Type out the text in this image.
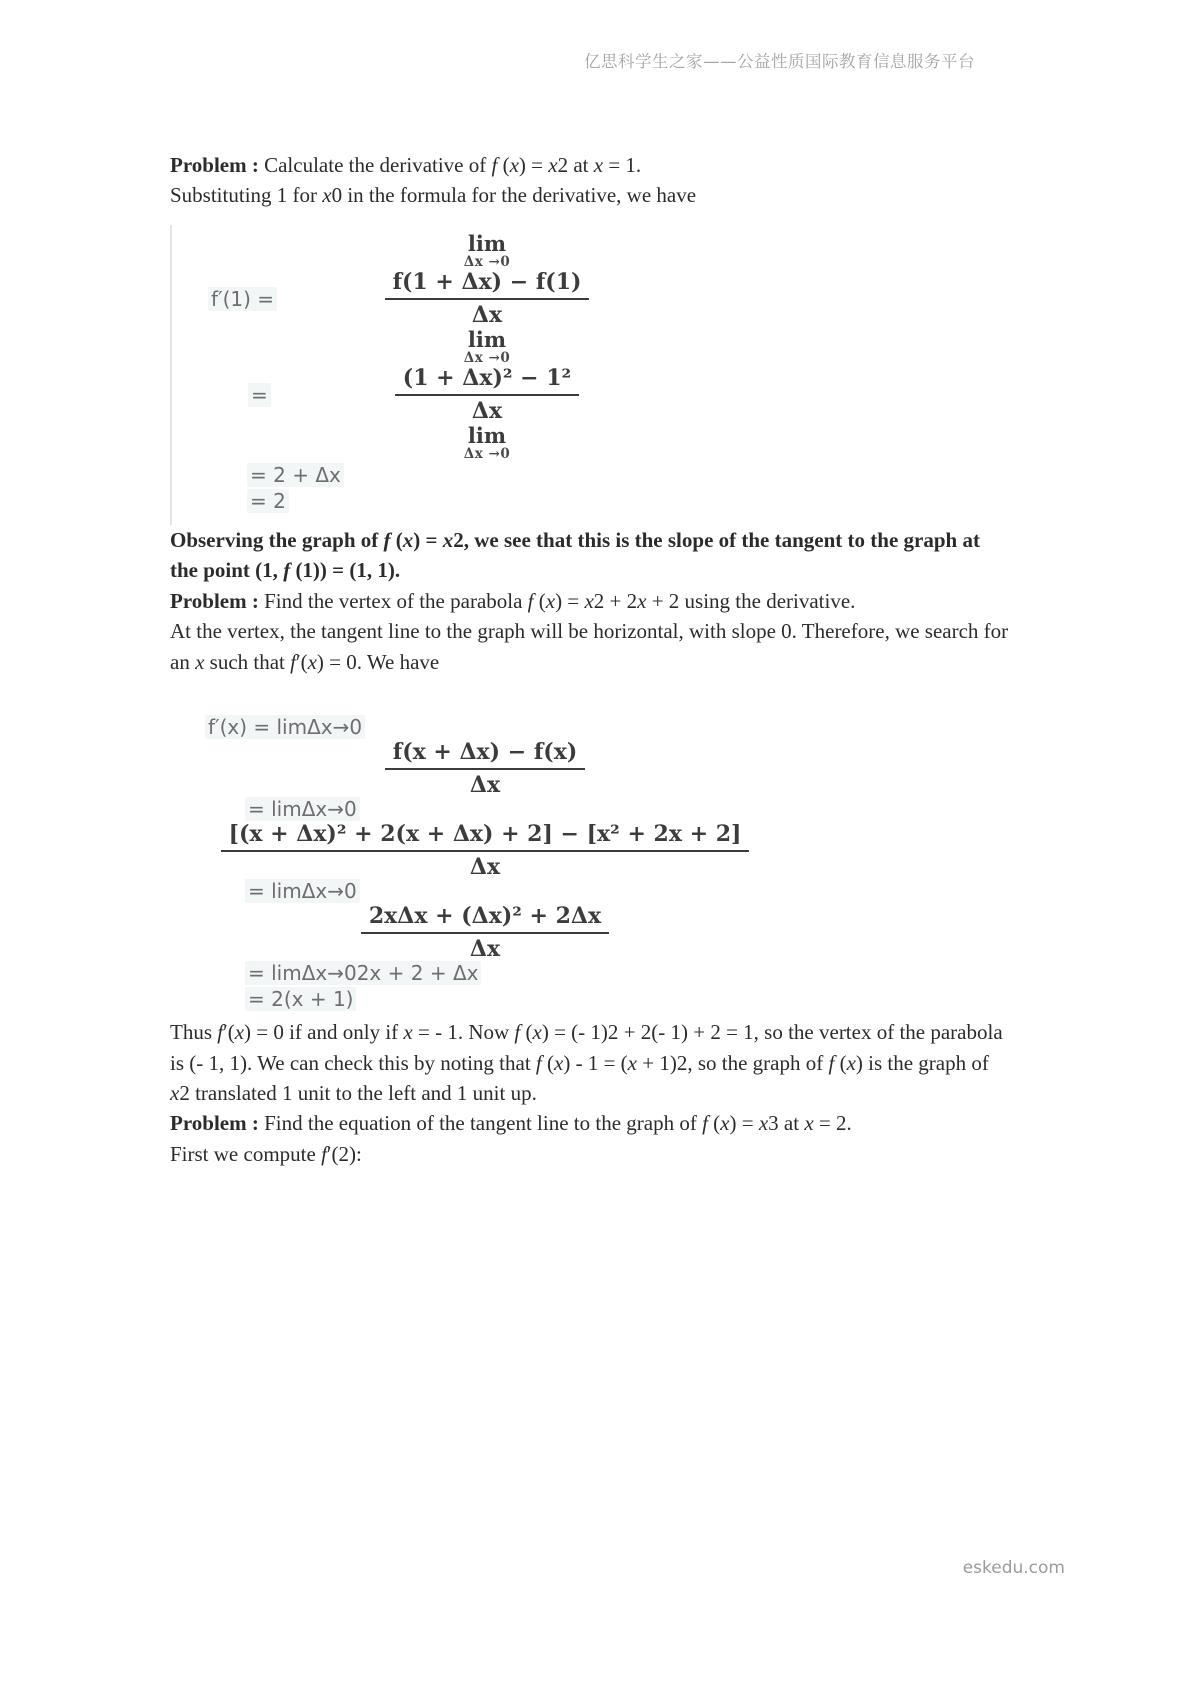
亿思科学生之家——公益性质国际教育信息服务平台

Problem : Calculate the derivative of f (x) = x2 at x = 1.

Substituting 1 for x0 in the formula for the derivative, we have

lim
Δx →0
f′(1) =	$\frac{f(1 + \Delta x) - f(1)}{\Delta x}$
lim
Δx →0
=	$\frac{\text{(1 + Δx)² − 1²}}{\Delta x}$
lim
Δx →0
= 2 + Δx
= 2

Observing the graph of f (x) = x2, we see that this is the slope of the tangent to the graph at the point (1, f (1)) = (1, 1).

Problem : Find the vertex of the parabola f (x) = x2 + 2x + 2 using the derivative.

At the vertex, the tangent line to the graph will be horizontal, with slope 0. Therefore, we search for an x such that f′(x) = 0. We have

f′(x) = limΔx→0
$\frac{f(x + \Delta x) - f(x)}{\Delta x}$
= limΔx→0
$\frac{\text{[(x + Δx)² + 2(x + Δx) + 2] − [x² + 2x + 2]}}{\Delta x}$
= limΔx→0
$\frac{\text{2xΔx + (Δx)² + 2Δx}}{\Delta x}$
= limΔx→02x + 2 + Δx
= 2(x + 1)

Thus f′(x) = 0 if and only if x = - 1. Now f (x) = (- 1)2 + 2(- 1) + 2 = 1, so the vertex of the parabola is (- 1, 1). We can check this by noting that f (x) - 1 = (x + 1)2, so the graph of f (x) is the graph of x2 translated 1 unit to the left and 1 unit up.

Problem : Find the equation of the tangent line to the graph of f (x) = x3 at x = 2.

First we compute f′(2):

eskedu.com
